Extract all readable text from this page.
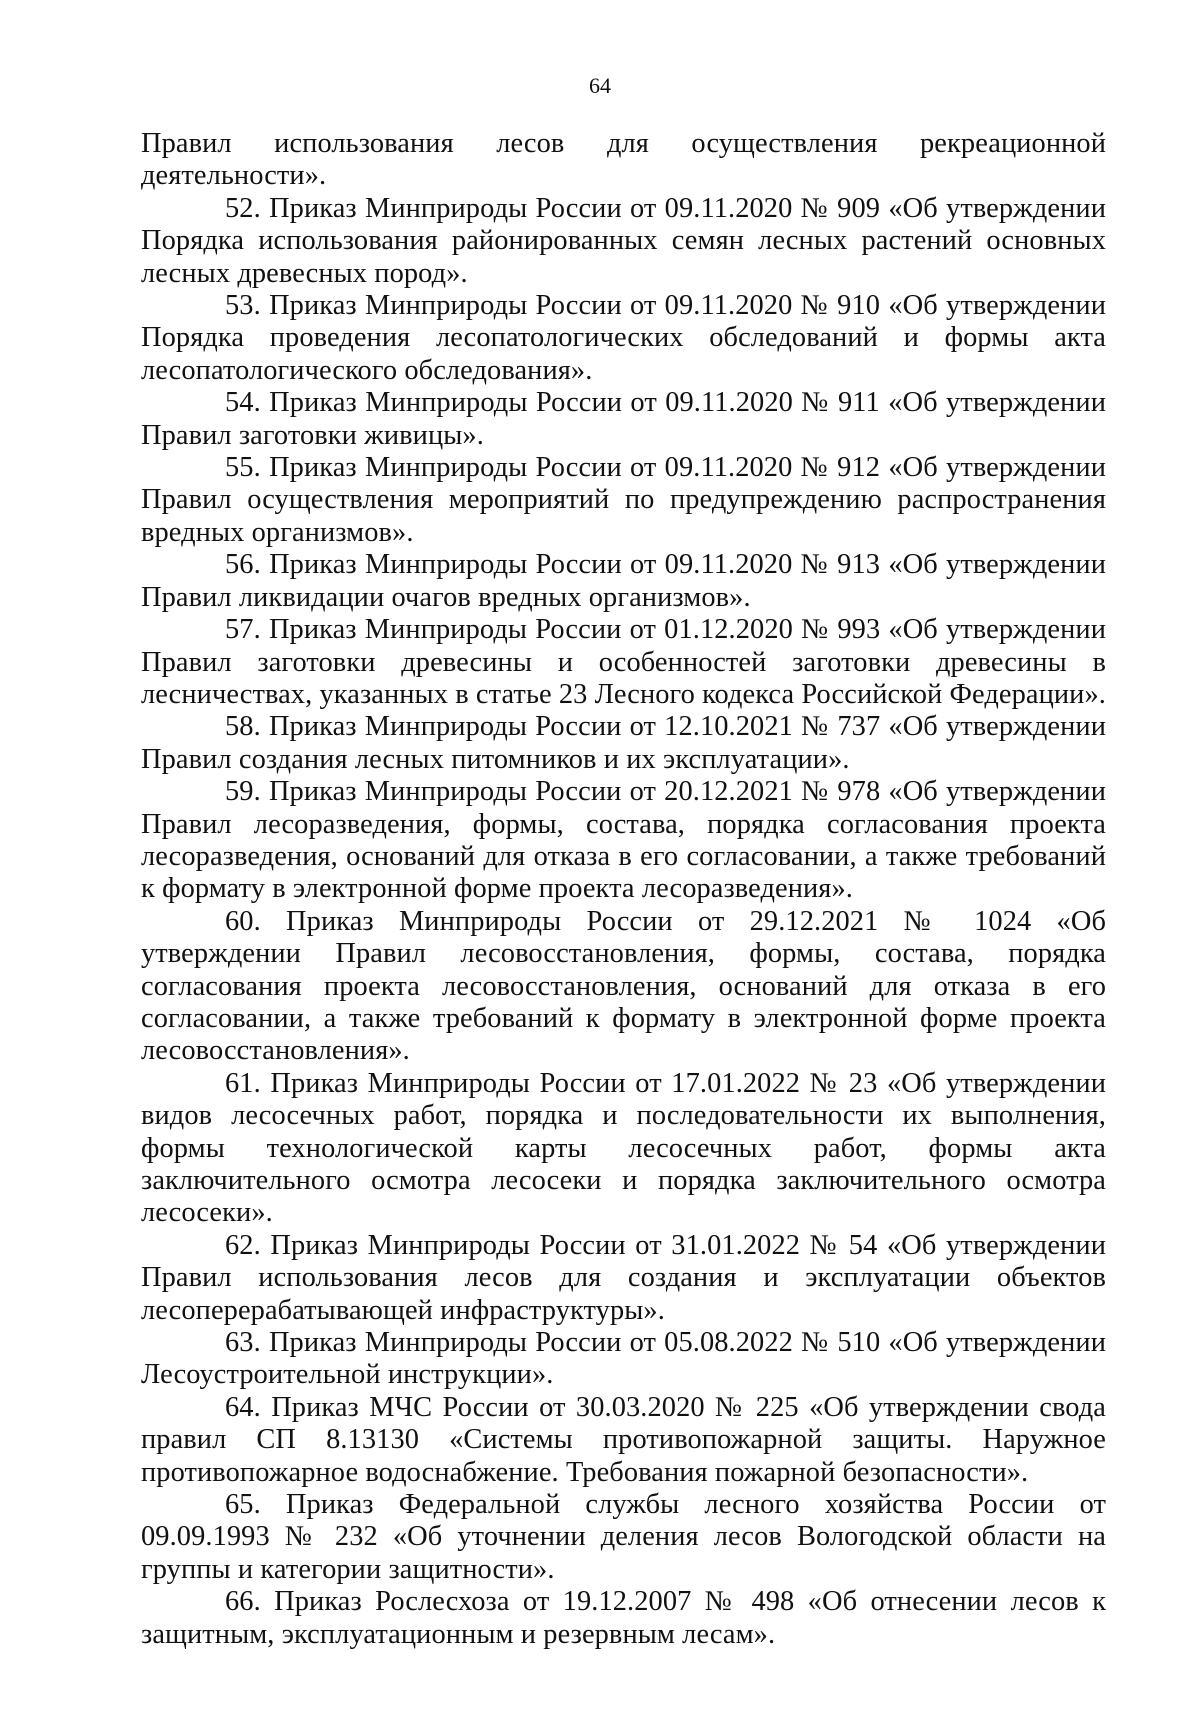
64

Правил использования лесов для осуществления рекреационной деятельности».

52. Приказ Минприроды России от 09.11.2020 № 909 «Об утверждении Порядка использования районированных семян лесных растений основных лесных древесных пород».

53. Приказ Минприроды России от 09.11.2020 № 910 «Об утверждении Порядка проведения лесопатологических обследований и формы акта лесопатологического обследования».

54. Приказ Минприроды России от 09.11.2020 № 911 «Об утверждении Правил заготовки живицы».

55. Приказ Минприроды России от 09.11.2020 № 912 «Об утверждении Правил осуществления мероприятий по предупреждению распространения вредных организмов».

56. Приказ Минприроды России от 09.11.2020 № 913 «Об утверждении Правил ликвидации очагов вредных организмов».

57. Приказ Минприроды России от 01.12.2020 № 993 «Об утверждении Правил заготовки древесины и особенностей заготовки древесины в лесничествах, указанных в статье 23 Лесного кодекса Российской Федерации».

58. Приказ Минприроды России от 12.10.2021 № 737 «Об утверждении Правил создания лесных питомников и их эксплуатации».

59. Приказ Минприроды России от 20.12.2021 № 978 «Об утверждении Правил лесоразведения, формы, состава, порядка согласования проекта лесоразведения, оснований для отказа в его согласовании, а также требований к формату в электронной форме проекта лесоразведения».

60. Приказ Минприроды России от 29.12.2021 № 1024 «Об утверждении Правил лесовосстановления, формы, состава, порядка согласования проекта лесовосстановления, оснований для отказа в его согласовании, а также требований к формату в электронной форме проекта лесовосстановления».

61. Приказ Минприроды России от 17.01.2022 № 23 «Об утверждении видов лесосечных работ, порядка и последовательности их выполнения, формы технологической карты лесосечных работ, формы акта заключительного осмотра лесосеки и порядка заключительного осмотра лесосеки».

62. Приказ Минприроды России от 31.01.2022 № 54 «Об утверждении Правил использования лесов для создания и эксплуатации объектов лесоперерабатывающей инфраструктуры».

63. Приказ Минприроды России от 05.08.2022 № 510 «Об утверждении Лесоустроительной инструкции».

64. Приказ МЧС России от 30.03.2020 № 225 «Об утверждении свода правил СП 8.13130 «Системы противопожарной защиты. Наружное противопожарное водоснабжение. Требования пожарной безопасности».

65. Приказ Федеральной службы лесного хозяйства России от 09.09.1993 № 232 «Об уточнении деления лесов Вологодской области на группы и категории защитности».

66. Приказ Рослесхоза от 19.12.2007 № 498 «Об отнесении лесов к защитным, эксплуатационным и резервным лесам».
